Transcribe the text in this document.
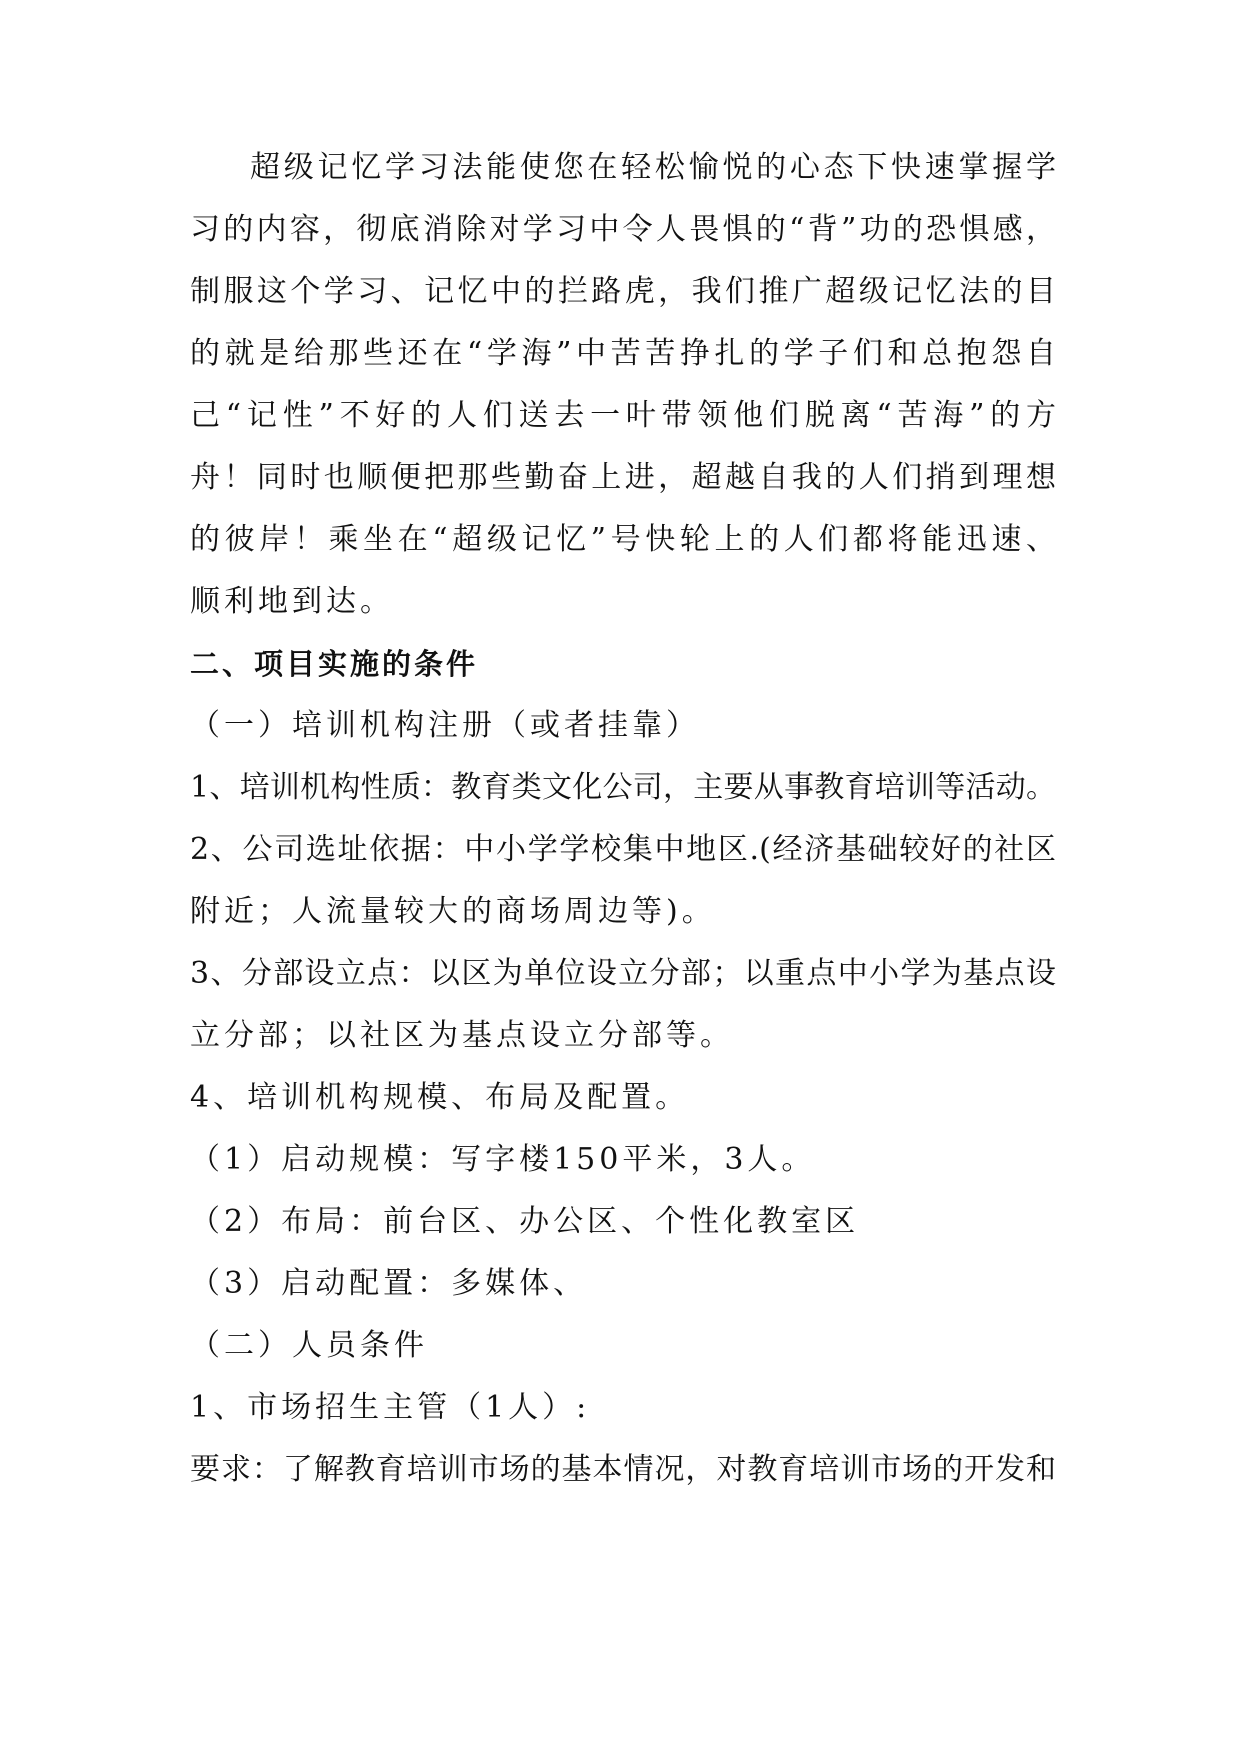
超级记忆学习法能使您在轻松愉悦的心态下快速掌握学
习的内容，彻底消除对学习中令人畏惧的“背”功的恐惧感，
制服这个学习、记忆中的拦路虎，我们推广超级记忆法的目
的就是给那些还在“学海”中苦苦挣扎的学子们和总抱怨自
己“记性”不好的人们送去一叶带领他们脱离“苦海”的方
舟！同时也顺便把那些勤奋上进，超越自我的人们捎到理想
的彼岸！乘坐在“超级记忆”号快轮上的人们都将能迅速、
顺利地到达。
二、项目实施的条件
（一）培训机构注册（或者挂靠）
1、培训机构性质：教育类文化公司，主要从事教育培训等活动。
2、公司选址依据：中小学学校集中地区.(经济基础较好的社区
附近；人流量较大的商场周边等)。
3、分部设立点：以区为单位设立分部；以重点中小学为基点设
立分部；以社区为基点设立分部等。
4、培训机构规模、布局及配置。
（1）启动规模：写字楼150平米，3人。
（2）布局：前台区、办公区、个性化教室区
（3）启动配置：多媒体、
（二）人员条件
1、市场招生主管（1人）:
要求：了解教育培训市场的基本情况，对教育培训市场的开发和
